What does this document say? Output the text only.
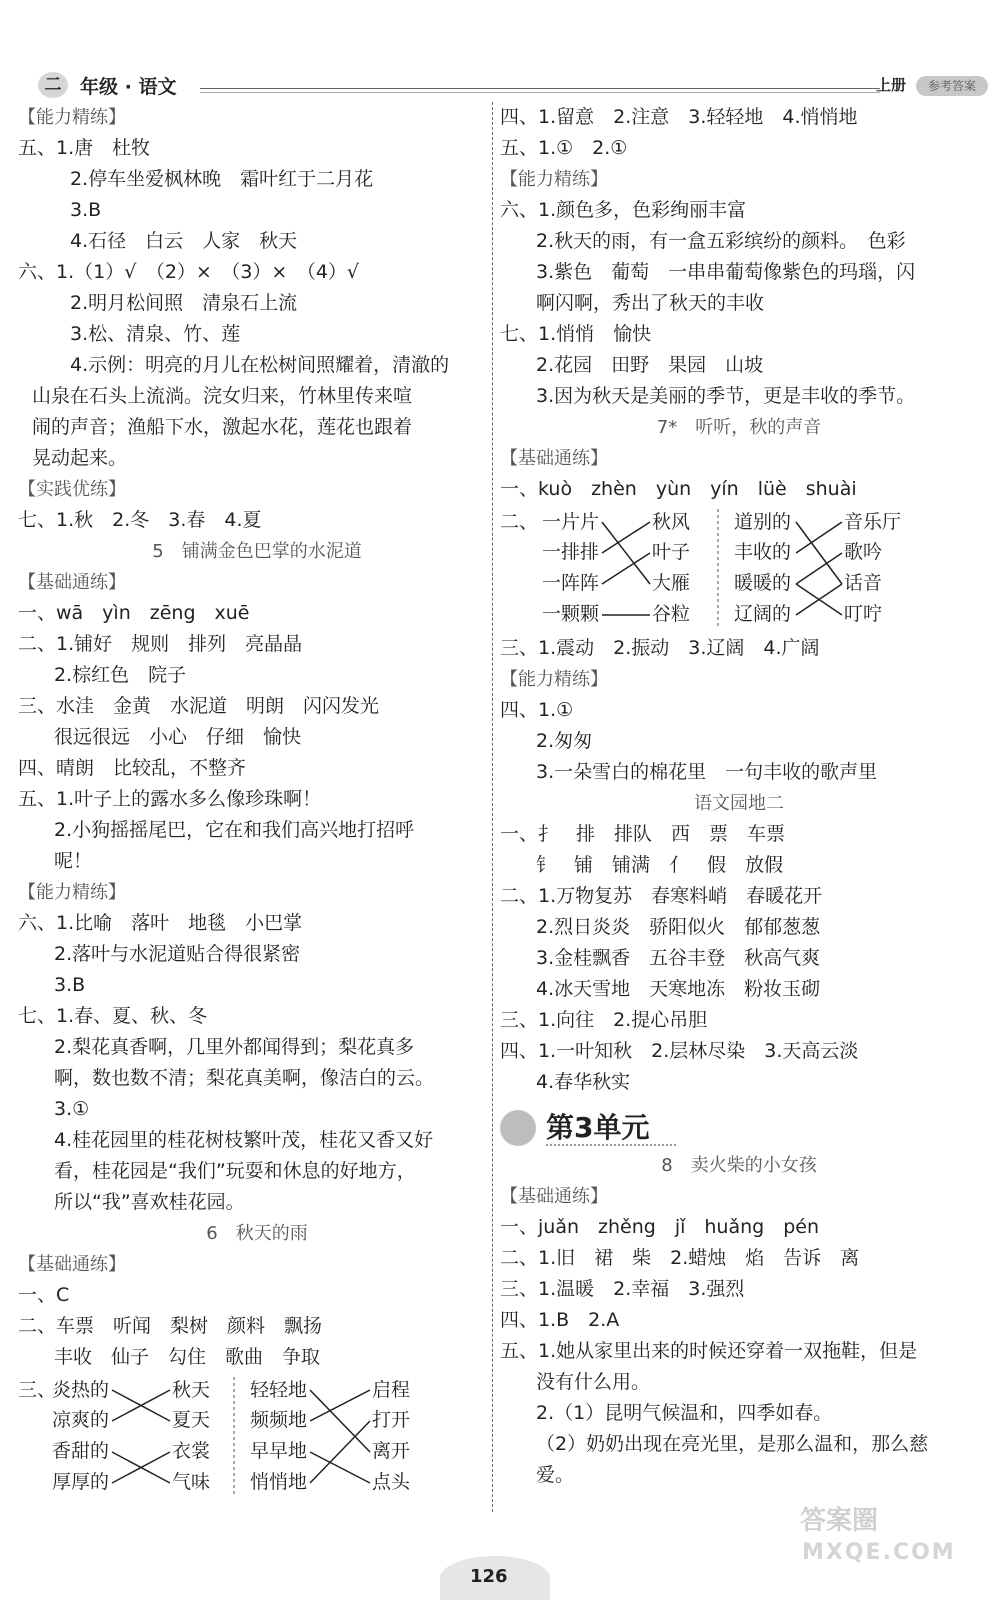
二 年级 · 语文	上册	参考答案
【能力精练】
五、1.唐　杜牧
2.停车坐爱枫林晚　霜叶红于二月花
3.B
4.石径　白云　人家　秋天
六、1.（1）√　（2）×　（3）×　（4）√
2.明月松间照　清泉石上流
3.松、清泉、竹、莲
4.示例：明亮的月儿在松树间照耀着，清澈的
山泉在石头上流淌。浣女归来，竹林里传来喧
闹的声音；渔船下水，激起水花，莲花也跟着
晃动起来。
【实践优练】
七、1.秋　2.冬　3.春　4.夏
5　铺满金色巴掌的水泥道
【基础通练】
一、wā　yìn　zēng　xuē
二、1.铺好　规则　排列　亮晶晶
2.棕红色　院子
三、水洼　金黄　水泥道　明朗　闪闪发光
很远很远　小心　仔细　愉快
四、晴朗　比较乱，不整齐
五、1.叶子上的露水多么像珍珠啊！
2.小狗摇摇尾巴，它在和我们高兴地打招呼
呢！
【能力精练】
六、1.比喻　落叶　地毯　小巴掌
2.落叶与水泥道贴合得很紧密
3.B
七、1.春、夏、秋、冬
2.梨花真香啊，几里外都闻得到；梨花真多
啊，数也数不清；梨花真美啊，像洁白的云。
3.①
4.桂花园里的桂花树枝繁叶茂，桂花又香又好
看，桂花园是“我们”玩耍和休息的好地方，
所以“我”喜欢桂花园。
6　秋天的雨
【基础通练】
一、C
二、车票　听闻　梨树　颜料　飘扬
丰收　仙子　勾住　歌曲　争取
三、
炎热的
凉爽的
香甜的
厚厚的
秋天
夏天
衣裳
气味
轻轻地
频频地
早早地
悄悄地
启程
打开
离开
点头
四、1.留意　2.注意　3.轻轻地　4.悄悄地
五、1.①　2.①
【能力精练】
六、1.颜色多，色彩绚丽丰富
2.秋天的雨，有一盒五彩缤纷的颜料。　色彩
3.紫色　葡萄　一串串葡萄像紫色的玛瑙，闪
啊闪啊，秀出了秋天的丰收
七、1.悄悄　愉快
2.花园　田野　果园　山坡
3.因为秋天是美丽的季节，更是丰收的季节。
7*　听听，秋的声音
【基础通练】
一、kuò　zhèn　yùn　yín　lüè　shuài
二、 一片片
一排排
一阵阵
一颗颗
秋风
叶子
大雁
谷粒
道别的
丰收的
暖暖的
辽阔的
音乐厅
歌吟
话音
叮咛
三、1.震动　2.振动　3.辽阔　4.广阔
【能力精练】
四、1.①
2.匆匆
3.一朵雪白的棉花里　一句丰收的歌声里
语文园地二
一、扌　排　排队　西　票　车票
钅　铺　铺满　亻　假　放假
二、1.万物复苏　春寒料峭　春暖花开
2.烈日炎炎　骄阳似火　郁郁葱葱
3.金桂飘香　五谷丰登　秋高气爽
4.冰天雪地　天寒地冻　粉妆玉砌
三、1.向往　2.提心吊胆
四、1.一叶知秋　2.层林尽染　3.天高云淡
4.春华秋实
第3单元
8　卖火柴的小女孩
【基础通练】
一、juǎn　zhěng　jǐ　huǎng　pén
二、1.旧　裙　柴　2.蜡烛　焰　告诉　离
三、1.温暖　2.幸福　3.强烈
四、1.B　2.A
五、1.她从家里出来的时候还穿着一双拖鞋，但是
没有什么用。
2.（1）昆明气候温和，四季如春。
（2）奶奶出现在亮光里，是那么温和，那么慈
爱。
126
答案圈
MXQE.COM
